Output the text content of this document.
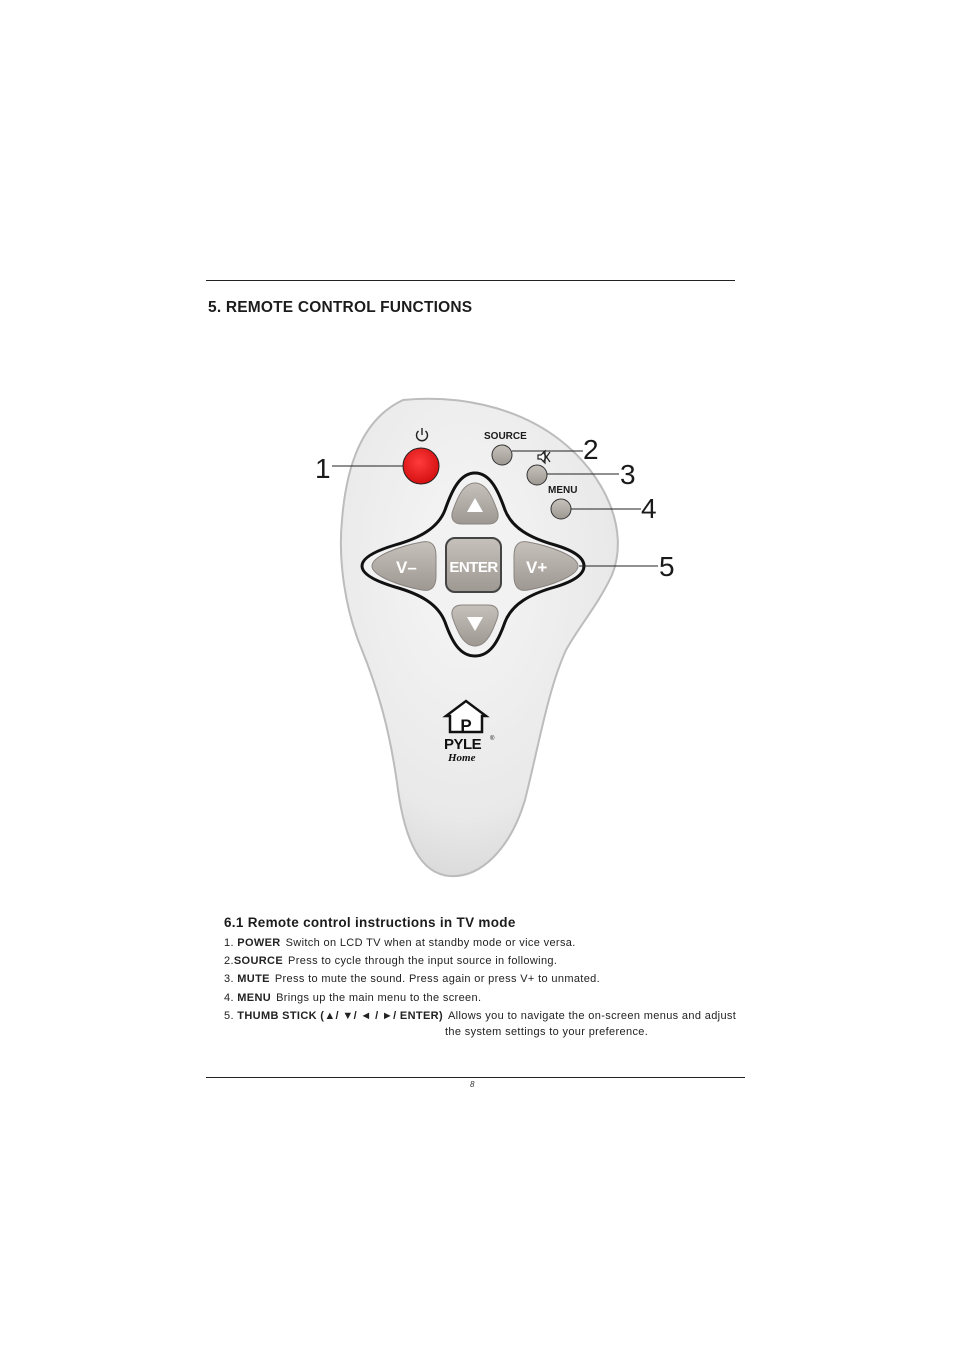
5. REMOTE CONTROL FUNCTIONS
SOURCE
MENU
V–	V+
ENTER
1
2
3
4
5
P
PYLE ®
Home
6.1 Remote control instructions in TV mode
1. POWER Switch on LCD TV when at standby mode or vice versa.
2.SOURCE Press to cycle through the input source in following.
3. MUTE Press to mute the sound. Press again or press V+ to unmated.
4. MENU Brings up the main menu to the screen.
5. THUMB STICK (▲/ ▼/ ◄ / ►/ ENTER) Allows you to navigate the on-screen menus and adjust
the system settings to your preference.
8
